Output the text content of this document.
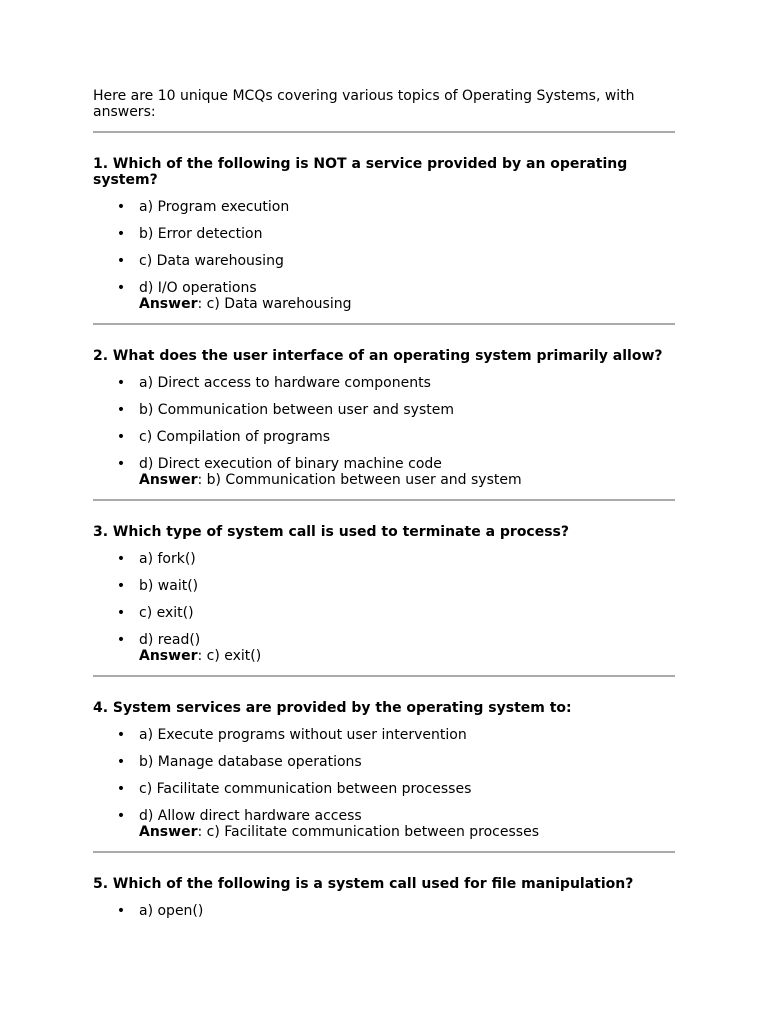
Here are 10 unique MCQs covering various topics of Operating Systems, with answers:

1. Which of the following is NOT a service provided by an operating system?

• a) Program execution
• b) Error detection
• c) Data warehousing
• d) I/O operations
Answer: c) Data warehousing

2. What does the user interface of an operating system primarily allow?

• a) Direct access to hardware components
• b) Communication between user and system
• c) Compilation of programs
• d) Direct execution of binary machine code
Answer: b) Communication between user and system

3. Which type of system call is used to terminate a process?

• a) fork()
• b) wait()
• c) exit()
• d) read()
Answer: c) exit()

4. System services are provided by the operating system to:

• a) Execute programs without user intervention
• b) Manage database operations
• c) Facilitate communication between processes
• d) Allow direct hardware access
Answer: c) Facilitate communication between processes

5. Which of the following is a system call used for file manipulation?

• a) open()
